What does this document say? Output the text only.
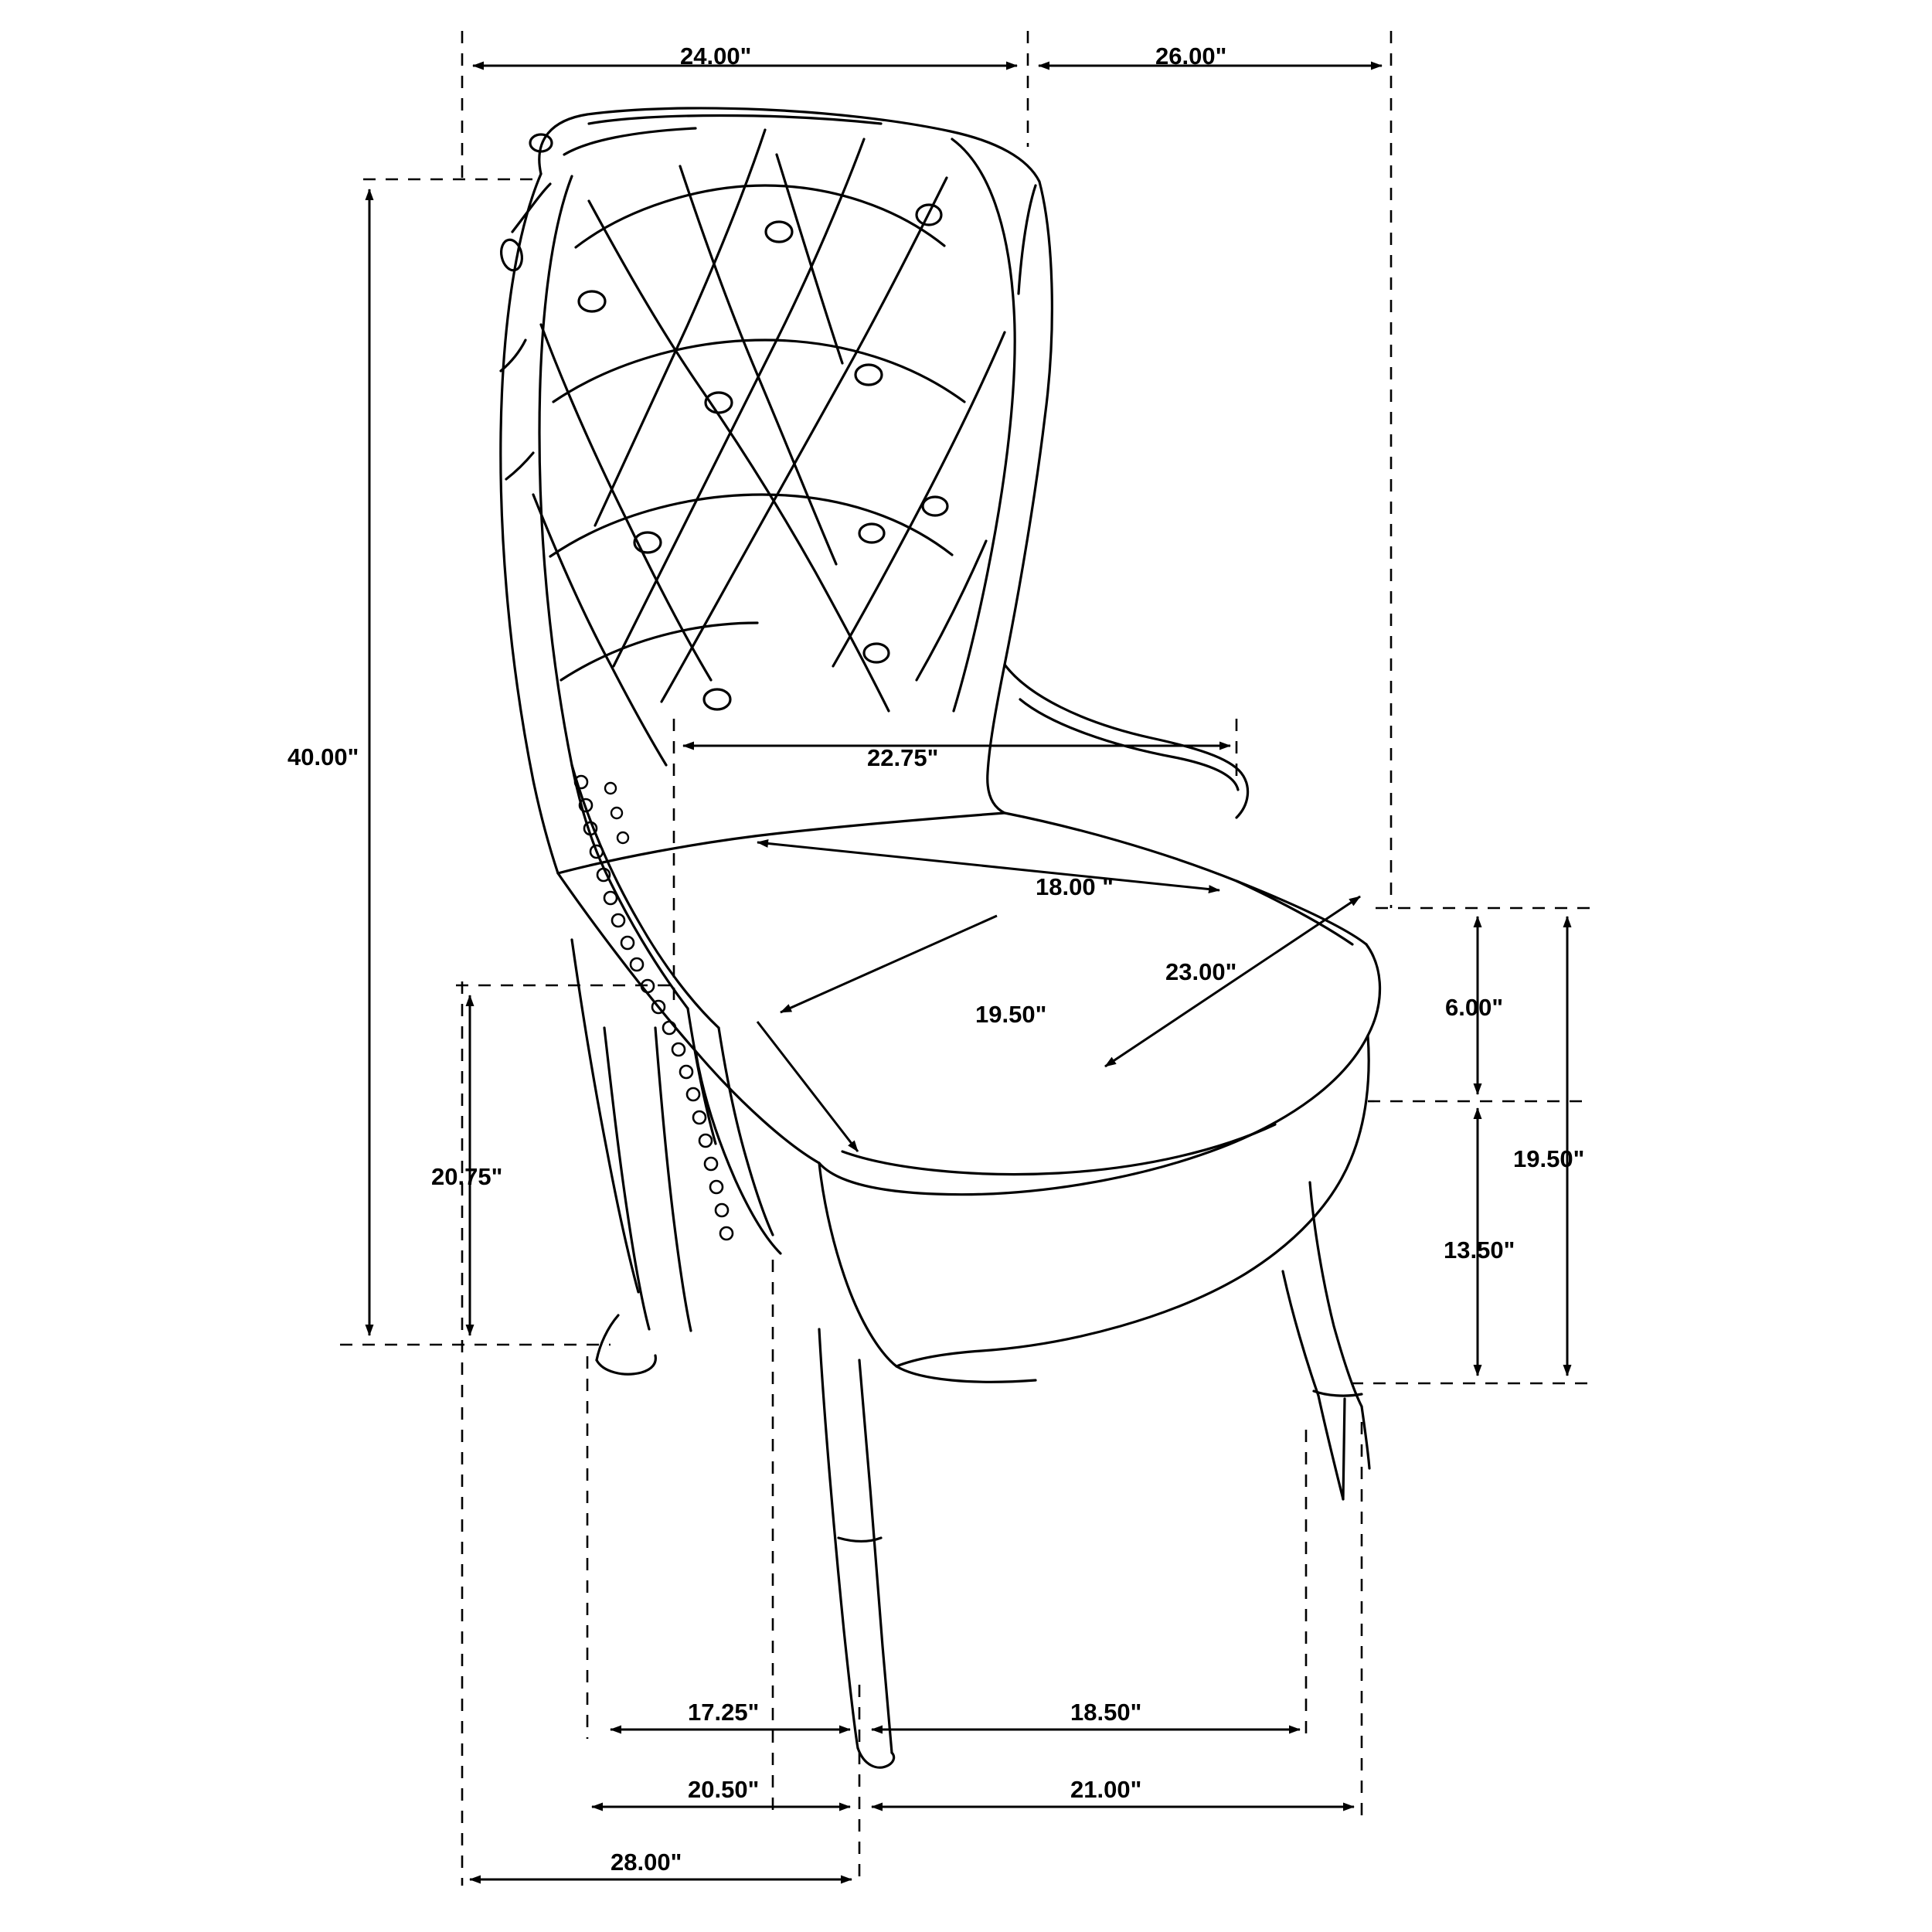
24.00"	26.00"
40.00"	22.75"
18.00 "
23.00"
19.50"
20.75"
6.00"
19.50"
13.50"
17.25"	18.50"
20.50"	21.00"
28.00"
